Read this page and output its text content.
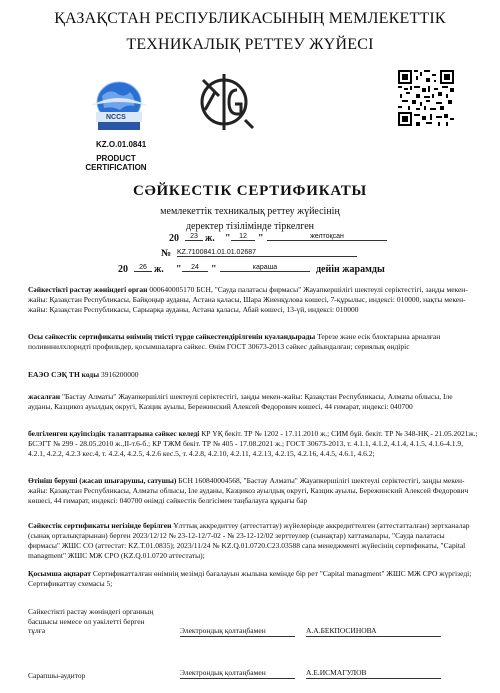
ҚАЗАҚСТАН РЕСПУБЛИКАСЫНЫҢ МЕМЛЕКЕТТІК
ТЕХНИКАЛЫҚ РЕТТЕУ ЖҮЙЕСІ
NCCS
KZ.O.01.0841
PRODUCT
CERTIFICATION
СӘЙКЕСТІК СЕРТИФИКАТЫ
мемлекеттік техникалық реттеу жүйесінің
деректер тізіліміндe тіркелген
20	23 ж. "	12	"	желтоқсан
№ KZ.7100841.01.01.02687
20	26 ж. "	24	"	караша	дейін жарамды
Сәйкестікті растау жөніндегі орган 000640005170 БСН, "Сауда палатасы фирмасы" Жауапкершілігі шектеулі серіктестігі, заңды мекен-жайы: Қазақстан Республикасы, Байқоңыр ауданы, Астана қаласы, Шара Жиенқұлова көшесі, 7-құрылыс, индексі: 010000, нақты мекен-жайы: Қазақстан Республикасы, Сарыарқа ауданы, Астана қаласы, Абай көшесі, 13-үй, индексі: 010000
Осы сәйкестік сертификаты өнімнің тиісті түрде сәйкестендірілгенін куәландырады Терезе және есік блоктарына арналған поливинилхлоридті профильдер, қосымшаларға сәйкес. Өнім ГОСТ 30673-2013 сәйкес дайындалған; сериялық өндіріс
ЕАЭО СЭҚ ТН коды 3916200000
жасалған "Бастау Алматы" Жауапкершілігі шектеулі серіктестігі, заңды мекен-жайы: Қазақстан Республикасы, Алматы облысы, Іле ауданы, Казцикоз ауылдық округі, Казцик ауылы, Бережинский Алексей Федорович көшесі, 44 ғимарат, индексі: 040700
белгіленген қауіпсіздік талаптарына сәйкес келеді КР ҮҚ бекіт. ТР № 1202 - 17.11.2010 ж.; СИМ бұй. бекіт. ТР № 348-НҚ - 21.05.2021ж.; БСЭГТ № 299 - 28.05.2010 ж.,ІІ-т.6-б.; КР ТЖМ бекіт. ТР № 405 - 17.08.2021 ж.; ГОСТ 30673-2013, т. 4.1.1, 4.1.2, 4.1.4, 4.1.5, 4.1.6-4.1.9, 4.2.1, 4.2.2, 4.2.3 кес.4, т. 4.2.4, 4.2.5, 4.2.6 кес.5, т. 4.2.8, 4.2.10, 4.2.11, 4.2.13, 4.2.15, 4.2.16, 4.4.5, 4.6.1, 4.6.2;
Өтініш беруші (жасап шығарушы, сатушы) БСН 160840004568, "Бастау Алматы" Жауапкершілігі шектеулі серіктестігі, заңды мекен-жайы: Қазақстан Республикасы, Алматы облысы, Іле ауданы, Казцикоз ауылдық округі, Казцик ауылы, Бережинский Алексей Федорович көшесі, 44 ғимарат, индексі: 040700 өнімді сәйкестік белгісімен таңбалауға құқығы бар
Сәйкестік сертификаты негізінде берілген Ұлттық аккредиттеу (аттестаттау) жүйелерінде аккредиттелген (аттестатталған) зертханалар (сынақ орталықтарынан) берген 2023/12/12 № 23-12-12/7-02 - № 23-12-12/02 зерттеулер (сынақтар) хаттамалары, "Сауда палатасы фирмасы" ЖШС СО (аттестат: KZ.T.01.0835); 2023/11/24 № KZ.Q.01.0720.C23.03588 сапа менеджменті жүйесінің сертификаты, "Capital managment" ЖШС МЖ СРО (KZ.Q.01.0720 аттестаты);
Қосымша ақпарат Сертификатталған өнімнің мезімді бағалауын жылына кемінде бір рет "Capital managment" ЖШС МЖ СРО жүргізеді; Сертификаттау схемасы 5;
Сәйкестікті растау жөніндегі органның
басшысы немесе ол уәкілетті берген
тұлға	Электрондық қолтаңбамен	А.А.БЕКПОСИНОВА
Сарапшы-аудитор	Электрондық қолтаңбамен	А.Е.ИСМАГУЛОВ
